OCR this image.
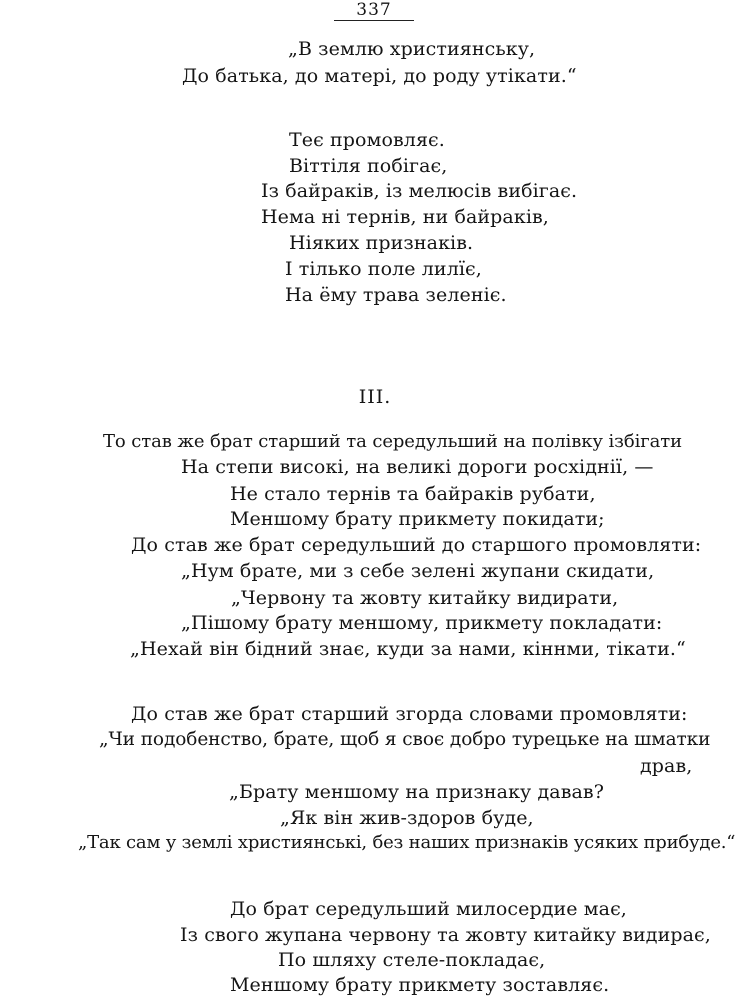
337
„В землю християнську,
До батька, до матері, до роду утікати.“
Теє промовляє.
Віттіля побігає,
Із байраків, із мелюсів вибігає.
Нема ні тернів, ни байраків,
Ніяких признаків.
І тілько поле лилїє,
На ёму трава зеленіє.
III.
То став же брат старший та середульший на полівку ізбігати
На степи високі, на великі дороги росхіднії, —
Не стало тернів та байраків рубати,
Меншому брату прикмету покидати;
До став же брат середульший до старшого промовляти:
„Нум брате, ми з себе зелені жупани скидати,
„Червону та жовту китайку видирати,
„Пішому брату меншому, прикмету покладати:
„Нехай він бідний знає, куди за нами, кіннми, тікати.“
До став же брат старший згорда словами промовляти:
„Чи подобенство, брате, щоб я своє добро турецьке на шматки
драв,
„Брату меншому на признаку давав?
„Як він жив-здоров буде,
„Так сам у землі християнські, без наших признаків усяких прибуде.“
До брат середульший милосердие має,
Із свого жупана червону та жовту китайку видирає,
По шляху стеле-покладає,
Меншому брату прикмету зоставляє.
